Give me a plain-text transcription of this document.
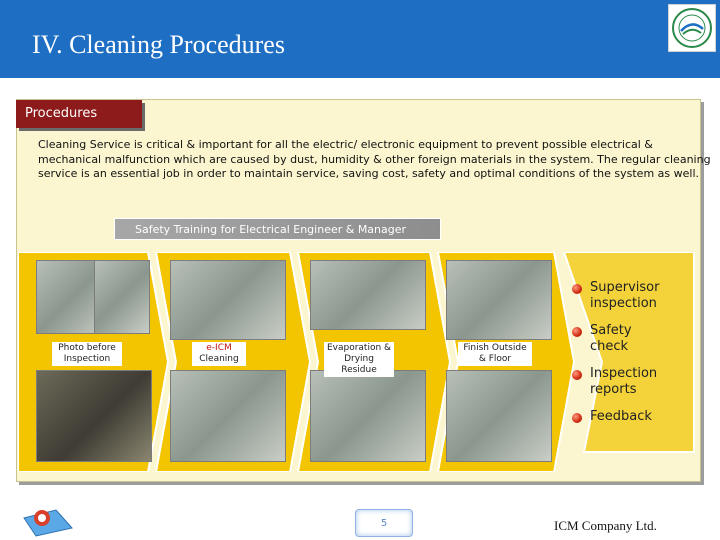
IV. Cleaning Procedures
Procedures
Cleaning Service is critical & important for all the electric/ electronic equipment to prevent possible electrical & mechanical malfunction which are caused by dust, humidity & other foreign materials in the system. The regular cleaning service is an essential job in order to maintain service, saving cost, safety and optimal conditions of the system as well.
Safety Training for Electrical Engineer & Manager
Photo before Inspection
e-ICM
Cleaning
Evaporation & Drying Residue
Finish Outside & Floor
Supervisor inspection
Safety check
Inspection reports
Feedback
5	ICM Company Ltd.
